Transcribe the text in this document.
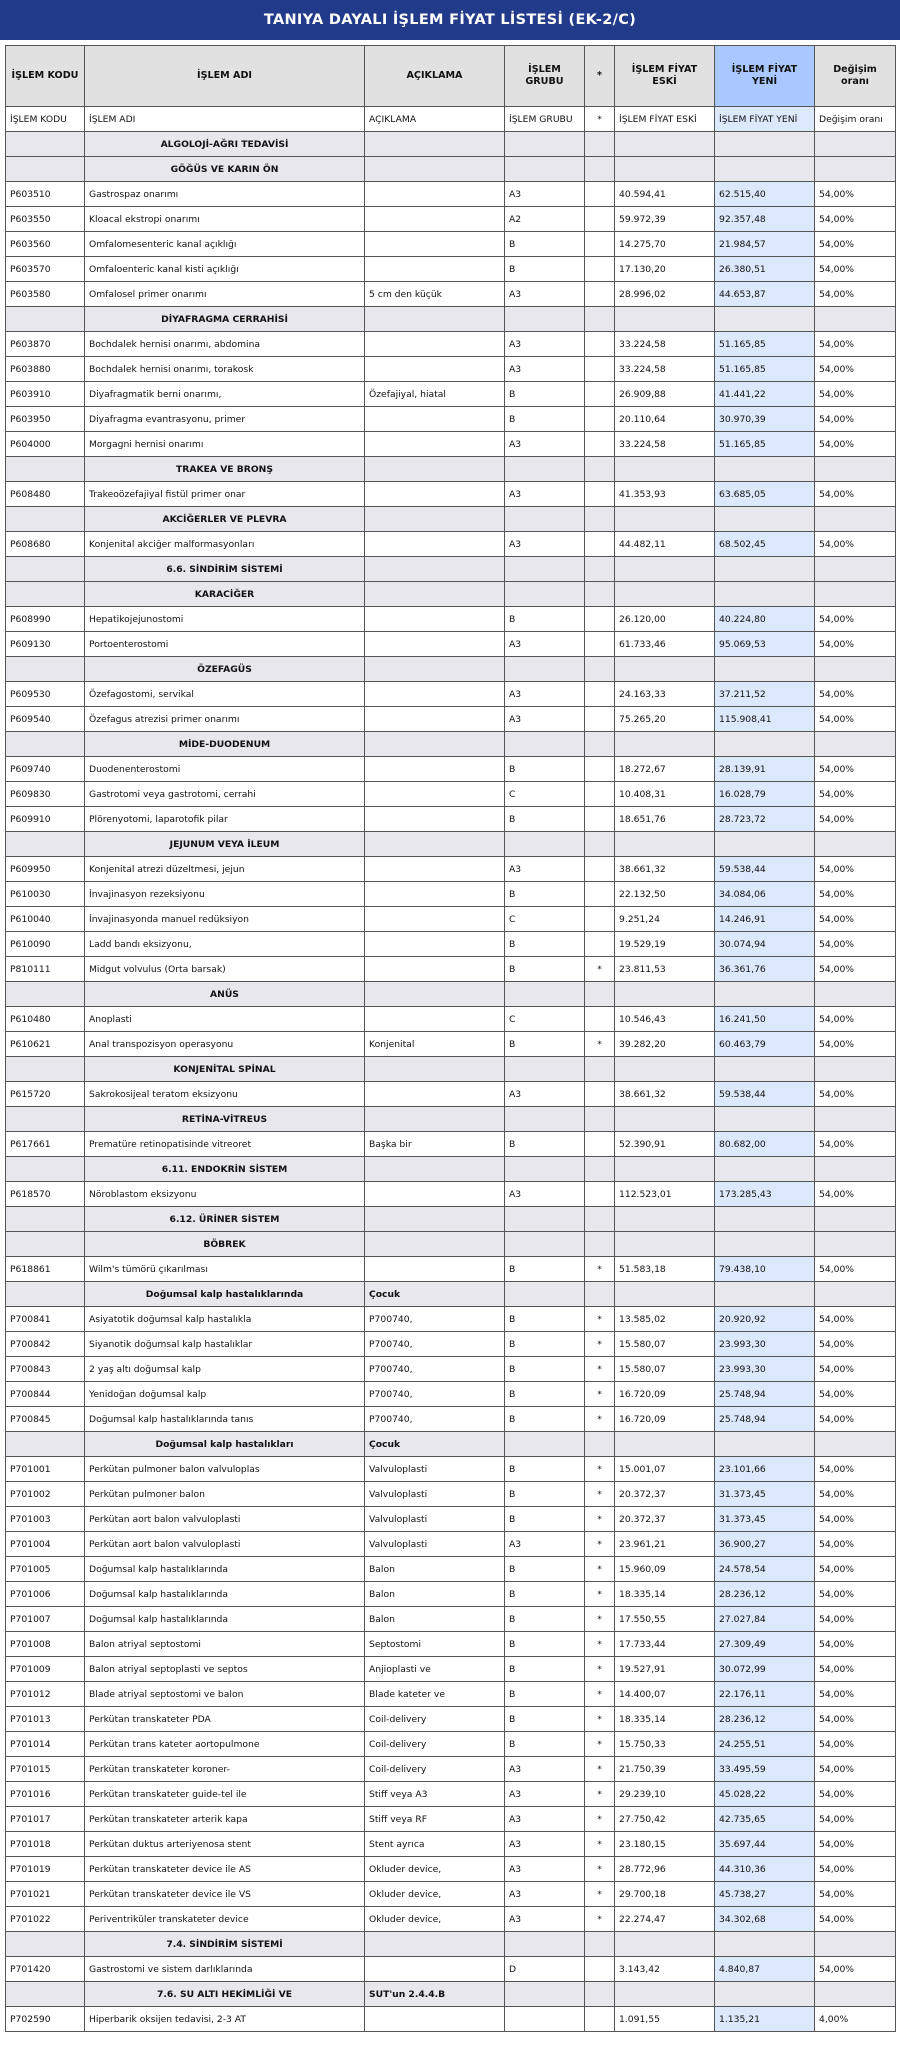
TANIYA DAYALI İŞLEM FİYAT LİSTESİ (EK-2/C)
İŞLEM KODU	İŞLEM ADI	AÇIKLAMA	İŞLEM GRUBU	*	İŞLEM FİYAT ESKİ	İŞLEM FİYAT YENİ	Değişim oranı
İŞLEM KODU	İŞLEM ADI	AÇIKLAMA	İŞLEM GRUBU	*	İŞLEM FİYAT ESKİ	İŞLEM FİYAT YENİ	Değişim oranı
	ALGOLOJİ-AĞRI TEDAVİSİ						
	GÖĞÜS VE KARIN ÖN						
P603510	Gastrospaz onarımı		A3		40.594,41	62.515,40	54,00%
P603550	Kloacal ekstropi onarımı		A2		59.972,39	92.357,48	54,00%
P603560	Omfalomesenteric kanal açıklığı		B		14.275,70	21.984,57	54,00%
P603570	Omfaloenteric kanal kisti açıklığı		B		17.130,20	26.380,51	54,00%
P603580	Omfalosel primer onarımı	5 cm den küçük	A3		28.996,02	44.653,87	54,00%
	DİYAFRAGMA CERRAHİSİ						
P603870	Bochdalek hernisi onarımı, abdomina		A3		33.224,58	51.165,85	54,00%
P603880	Bochdalek hernisi onarımı, torakosk		A3		33.224,58	51.165,85	54,00%
P603910	Diyafragmatik berni onarımı,	Özefajiyal, hiatal	B		26.909,88	41.441,22	54,00%
P603950	Diyafragma evantrasyonu, primer		B		20.110,64	30.970,39	54,00%
P604000	Morgagni hernisi onarımı		A3		33.224,58	51.165,85	54,00%
	TRAKEA VE BRONŞ						
P608480	Trakeoözefajiyal fistül primer onar		A3		41.353,93	63.685,05	54,00%
	AKCİĞERLER VE PLEVRA						
P608680	Konjenital akciğer malformasyonları		A3		44.482,11	68.502,45	54,00%
	6.6. SİNDİRİM SİSTEMİ						
	KARACİĞER						
P608990	Hepatikojejunostomi		B		26.120,00	40.224,80	54,00%
P609130	Portoenterostomi		A3		61.733,46	95.069,53	54,00%
	ÖZEFAGÜS						
P609530	Özefagostomi, servikal		A3		24.163,33	37.211,52	54,00%
P609540	Özefagus atrezisi primer onarımı		A3		75.265,20	115.908,41	54,00%
	MİDE-DUODENUM						
P609740	Duodenenterostomi		B		18.272,67	28.139,91	54,00%
P609830	Gastrotomi veya gastrotomi, cerrahi		C		10.408,31	16.028,79	54,00%
P609910	Plörenyotomi, laparotofik pilar		B		18.651,76	28.723,72	54,00%
	JEJUNUM VEYA İLEUM						
P609950	Konjenital atrezi düzeltmesi, jejun		A3		38.661,32	59.538,44	54,00%
P610030	İnvajinasyon rezeksiyonu		B		22.132,50	34.084,06	54,00%
P610040	İnvajinasyonda manuel redüksiyon		C		9.251,24	14.246,91	54,00%
P610090	Ladd bandı eksizyonu,		B		19.529,19	30.074,94	54,00%
P810111	Midgut volvulus (Orta barsak)		B	*	23.811,53	36.361,76	54,00%
	ANÜS						
P610480	Anoplasti		C		10.546,43	16.241,50	54,00%
P610621	Anal transpozisyon operasyonu	Konjenital	B	*	39.282,20	60.463,79	54,00%
	KONJENİTAL SPİNAL						
P615720	Sakrokosijeal teratom eksizyonu		A3		38.661,32	59.538,44	54,00%
	RETİNA-VİTREUS						
P617661	Prematüre retinopatisinde vitreoret	Başka bir	B		52.390,91	80.682,00	54,00%
	6.11. ENDOKRİN SİSTEM						
P618570	Nöroblastom eksizyonu		A3		112.523,01	173.285,43	54,00%
	6.12. ÜRİNER SİSTEM						
	BÖBREK						
P618861	Wilm's tümörü çıkarılması		B	*	51.583,18	79.438,10	54,00%
	Doğumsal kalp hastalıklarında	Çocuk					
P700841	Asiyatotik doğumsal kalp hastalıkla	P700740,	B	*	13.585,02	20.920,92	54,00%
P700842	Siyanotik doğumsal kalp hastalıklar	P700740,	B	*	15.580,07	23.993,30	54,00%
P700843	2 yaş altı doğumsal kalp	P700740,	B	*	15.580,07	23.993,30	54,00%
P700844	Yenidoğan doğumsal kalp	P700740,	B	*	16.720,09	25.748,94	54,00%
P700845	Doğumsal kalp hastalıklarında tanıs	P700740,	B	*	16.720,09	25.748,94	54,00%
	Doğumsal kalp hastalıkları	Çocuk					
P701001	Perkütan pulmoner balon valvuloplas	Valvuloplasti	B	*	15.001,07	23.101,66	54,00%
P701002	Perkütan pulmoner balon	Valvuloplasti	B	*	20.372,37	31.373,45	54,00%
P701003	Perkütan aort balon valvuloplasti	Valvuloplasti	B	*	20.372,37	31.373,45	54,00%
P701004	Perkütan aort balon valvuloplasti	Valvuloplasti	A3	*	23.961,21	36.900,27	54,00%
P701005	Doğumsal kalp hastalıklarında	Balon	B	*	15.960,09	24.578,54	54,00%
P701006	Doğumsal kalp hastalıklarında	Balon	B	*	18.335,14	28.236,12	54,00%
P701007	Doğumsal kalp hastalıklarında	Balon	B	*	17.550,55	27.027,84	54,00%
P701008	Balon atriyal septostomi	Septostomi	B	*	17.733,44	27.309,49	54,00%
P701009	Balon atriyal septoplasti ve septos	Anjioplasti ve	B	*	19.527,91	30.072,99	54,00%
P701012	Blade atriyal septostomi ve balon	Blade kateter ve	B	*	14.400,07	22.176,11	54,00%
P701013	Perkütan transkateter PDA	Coil-delivery	B	*	18.335,14	28.236,12	54,00%
P701014	Perkütan trans kateter aortopulmone	Coil-delivery	B	*	15.750,33	24.255,51	54,00%
P701015	Perkütan transkateter koroner-	Coil-delivery	A3	*	21.750,39	33.495,59	54,00%
P701016	Perkütan transkateter guide-tel ile	Stiff veya A3	A3	*	29.239,10	45.028,22	54,00%
P701017	Perkütan transkateter arterik kapa	Stiff veya RF	A3	*	27.750,42	42.735,65	54,00%
P701018	Perkütan duktus arteriyenosa stent	Stent ayrıca	A3	*	23.180,15	35.697,44	54,00%
P701019	Perkütan transkateter device ile AS	Okluder device,	A3	*	28.772,96	44.310,36	54,00%
P701021	Perkütan transkateter device ile VS	Okluder device,	A3	*	29.700,18	45.738,27	54,00%
P701022	Periventriküler transkateter device	Okluder device,	A3	*	22.274,47	34.302,68	54,00%
	7.4. SİNDİRİM SİSTEMİ						
P701420	Gastrostomi ve sistem darlıklarında		D		3.143,42	4.840,87	54,00%
	7.6. SU ALTI HEKİMLİĞİ VE	SUT'un 2.4.4.B					
P702590	Hiperbarik oksijen tedavisi, 2-3 AT				1.091,55	1.135,21	4,00%
